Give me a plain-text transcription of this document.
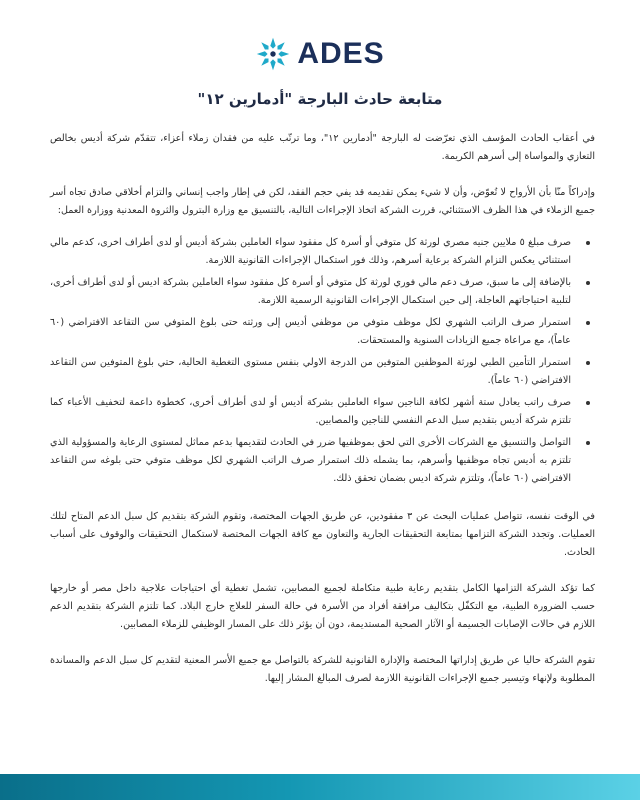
ADES
متابعة حادث البارجة "أدمارين ١٢"

في أعقاب الحادث المؤسف الذي تعرّضت له البارجة "أدمارين ١٢"، وما ترتّب عليه من فقدان زملاء أعزاء، تتقدّم شركة أديس بخالص التعازي والمواساة إلى أسرهم الكريمة.

وإدراكاً منّا بأن الأرواح لا تُعوّض، وأن لا شيء يمكن تقديمه قد يفي حجم الفقد، لكن في إطار واجب إنساني والتزام أخلاقي صادق تجاه أسر جميع الزملاء في هذا الظرف الاستثنائي، قررت الشركة اتخاذ الإجراءات التالية، بالتنسيق مع وزارة البترول والثروة المعدنية ووزارة العمل:

صرف مبلغ ٥ ملايين جنيه مصري لورثة كل متوفي أو أسرة كل مفقود سواء العاملين بشركة أديس أو لدى أطراف اخرى، كدعم مالي استثنائي يعكس التزام الشركة برعاية أسرهم، وذلك فور استكمال الإجراءات القانونية اللازمة.
بالإضافة إلى ما سبق، صرف دعم مالي فوري لورثة كل متوفي أو أسرة كل مفقود سواء العاملين بشركة اديس أو لدى أطراف أخرى، لتلبية احتياجاتهم العاجلة، إلى حين استكمال الإجراءات القانونية الرسمية اللازمة.
استمرار صرف الراتب الشهري لكل موظف متوفي من موظفي أديس إلى ورثته حتى بلوغ المتوفي سن التقاعد الافتراضي (٦٠ عاماً)، مع مراعاة جميع الزيادات السنوية والمستحقات.
استمرار التأمين الطبي لورثة الموظفين المتوفين من الدرجة الاولي بنفس مستوى التغطية الحالية، حتي بلوغ المتوفين سن التقاعد الافتراضي (٦٠ عاماً).
صرف راتب يعادل ستة أشهر لكافة الناجين سواء العاملين بشركة أديس أو لدى أطراف أخرى، كخطوة داعمة لتخفيف الأعباء كما تلتزم شركة أديس بتقديم سبل الدعم النفسي للناجين والمصابين.
التواصل والتنسيق مع الشركات الأخرى التي لحق بموظفيها ضرر في الحادث لتقديمها بدعم مماثل لمستوى الرعاية والمسؤولية الذي تلتزم به أديس تجاه موظفيها وأسرهم، بما يشمله ذلك استمرار صرف الراتب الشهري لكل موظف متوفي حتى بلوغه سن التقاعد الافتراضي (٦٠ عاماً)، وتلتزم شركة اديس بضمان تحقق ذلك.

في الوقت نفسه، تتواصل عمليات البحث عن ٣ مفقودين، عن طريق الجهات المختصة، وتقوم الشركة بتقديم كل سبل الدعم المتاح لتلك العمليات. وتجدد الشركة التزامها بمتابعة التحقيقات الجارية والتعاون مع كافة الجهات المختصة لاستكمال التحقيقات والوقوف على أسباب الحادث.

كما تؤكد الشركة التزامها الكامل بتقديم رعاية طبية متكاملة لجميع المصابين، تشمل تغطية أي احتياجات علاجية داخل مصر أو خارجها حسب الضرورة الطبية، مع التكفّل بتكاليف مرافقة أفراد من الأسرة في حالة السفر للعلاج خارج البلاد. كما تلتزم الشركة بتقديم الدعم اللازم في حالات الإصابات الجسيمة أو الآثار الصحية المستديمة، دون أن يؤثر ذلك على المسار الوظيفي للزملاء المصابين.

تقوم الشركة حاليا عن طريق إداراتها المختصة والإدارة القانونية للشركة بالتواصل مع جميع الأسر المعنية لتقديم كل سبل الدعم والمساندة المطلوبة ولإنهاء وتيسير جميع الإجراءات القانونية اللازمة لصرف المبالغ المشار إليها.
